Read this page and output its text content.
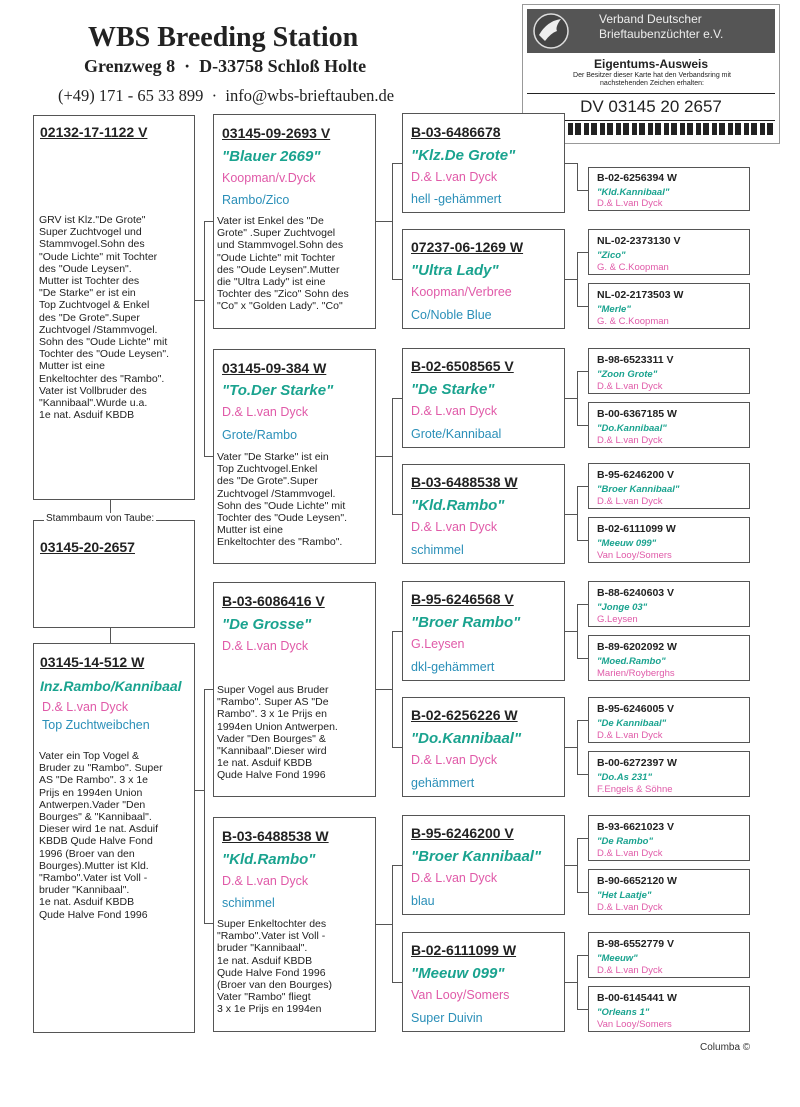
WBS Breeding Station
Grenzweg 8  ·  D-33758 Schloß Holte
(+49) 171 - 65 33 899  ·  info@wbs-brieftauben.de
Verband Deutscher
Brieftaubenzüchter e.V.
Eigentums-Ausweis
Der Besitzer dieser Karte hat den Verbandsring mit nachstehenden Zeichen erhalten:
DV 03145 20 2657
Stammbaum von Taube:
03145-20-2657
02132-17-1122 V
GRV ist Klz."De Grote"
Super Zuchtvogel und
Stammvogel.Sohn des
"Oude Lichte" mit Tochter
des "Oude Leysen".
Mutter ist Tochter des
"De Starke" er ist ein
Top Zuchtvogel & Enkel
des "De Grote".Super
Zuchtvogel /Stammvogel.
Sohn des "Oude Lichte" mit
Tochter des "Oude Leysen".
Mutter ist eine
Enkeltochter des "Rambo".
Vater ist Vollbruder des
"Kannibaal".Wurde u.a.
1e nat. Asduif KBDB
03145-14-512 W
Inz.Rambo/Kannibaal
D.& L.van Dyck
Top Zuchtweibchen
Vater ein Top Vogel &
Bruder zu "Rambo". Super
AS "De Rambo". 3 x 1e
Prijs en 1994en Union
Antwerpen.Vader "Den
Bourges" & "Kannibaal".
Dieser wird 1e nat. Asduif
KBDB Qude Halve Fond
1996 (Broer van den
Bourges).Mutter ist Kld.
"Rambo".Vater ist Voll -
bruder "Kannibaal".
1e nat. Asduif KBDB
Qude Halve Fond 1996
03145-09-2693 V
"Blauer 2669"
Koopman/v.Dyck
Rambo/Zico
Vater ist Enkel des "De
Grote" .Super Zuchtvogel
und Stammvogel.Sohn des
"Oude Lichte" mit Tochter
des "Oude Leysen".Mutter
die "Ultra Lady" ist eine
Tochter des "Zico" Sohn des
"Co" x "Golden Lady". "Co"
03145-09-384 W
"To.Der Starke"
D.& L.van Dyck
Grote/Rambo
Vater "De Starke" ist ein
Top Zuchtvogel.Enkel
des "De Grote".Super
Zuchtvogel /Stammvogel.
Sohn des "Oude Lichte" mit
Tochter des "Oude Leysen".
Mutter ist eine
Enkeltochter des "Rambo".
B-03-6086416 V
"De Grosse"
D.& L.van Dyck
Super Vogel aus Bruder
"Rambo". Super AS "De
Rambo". 3 x 1e Prijs en
1994en Union Antwerpen.
Vader "Den Bourges" &
"Kannibaal".Dieser wird
1e nat. Asduif KBDB
Qude Halve Fond 1996
B-03-6488538 W
"Kld.Rambo"
D.& L.van Dyck
schimmel
Super Enkeltochter des
"Rambo".Vater ist Voll -
bruder "Kannibaal".
1e nat. Asduif KBDB
Qude Halve Fond 1996
(Broer van den Bourges)
Vater "Rambo" fliegt
3 x 1e Prijs en 1994en
B-03-6486678
"Klz.De Grote"
D.& L.van Dyck
hell -gehämmert
07237-06-1269 W
"Ultra Lady"
Koopman/Verbree
Co/Noble Blue
B-02-6508565 V
"De Starke"
D.& L.van Dyck
Grote/Kannibaal
B-03-6488538 W
"Kld.Rambo"
D.& L.van Dyck
schimmel
B-95-6246568 V
"Broer Rambo"
G.Leysen
dkl-gehämmert
B-02-6256226 W
"Do.Kannibaal"
D.& L.van Dyck
gehämmert
B-95-6246200 V
"Broer Kannibaal"
D.& L.van Dyck
blau
B-02-6111099 W
"Meeuw 099"
Van Looy/Somers
Super Duivin
B-02-6256394 W
"Kld.Kannibaal"
D.& L.van Dyck
NL-02-2373130 V
"Zico"
G. & C.Koopman
NL-02-2173503 W
"Merle"
G. & C.Koopman
B-98-6523311 V
"Zoon Grote"
D.& L.van Dyck
B-00-6367185 W
"Do.Kannibaal"
D.& L.van Dyck
B-95-6246200 V
"Broer Kannibaal"
D.& L.van Dyck
B-02-6111099 W
"Meeuw 099"
Van Looy/Somers
B-88-6240603 V
"Jonge 03"
G.Leysen
B-89-6202092 W
"Moed.Rambo"
Marien/Royberghs
B-95-6246005 V
"De Kannibaal"
D.& L.van Dyck
B-00-6272397 W
"Do.As 231"
F.Engels & Söhne
B-93-6621023 V
"De Rambo"
D.& L.van Dyck
B-90-6652120 W
"Het Laatje"
D.& L.van Dyck
B-98-6552779 V
"Meeuw"
D.& L.van Dyck
B-00-6145441 W
"Orleans 1"
Van Looy/Somers
Columba ©
